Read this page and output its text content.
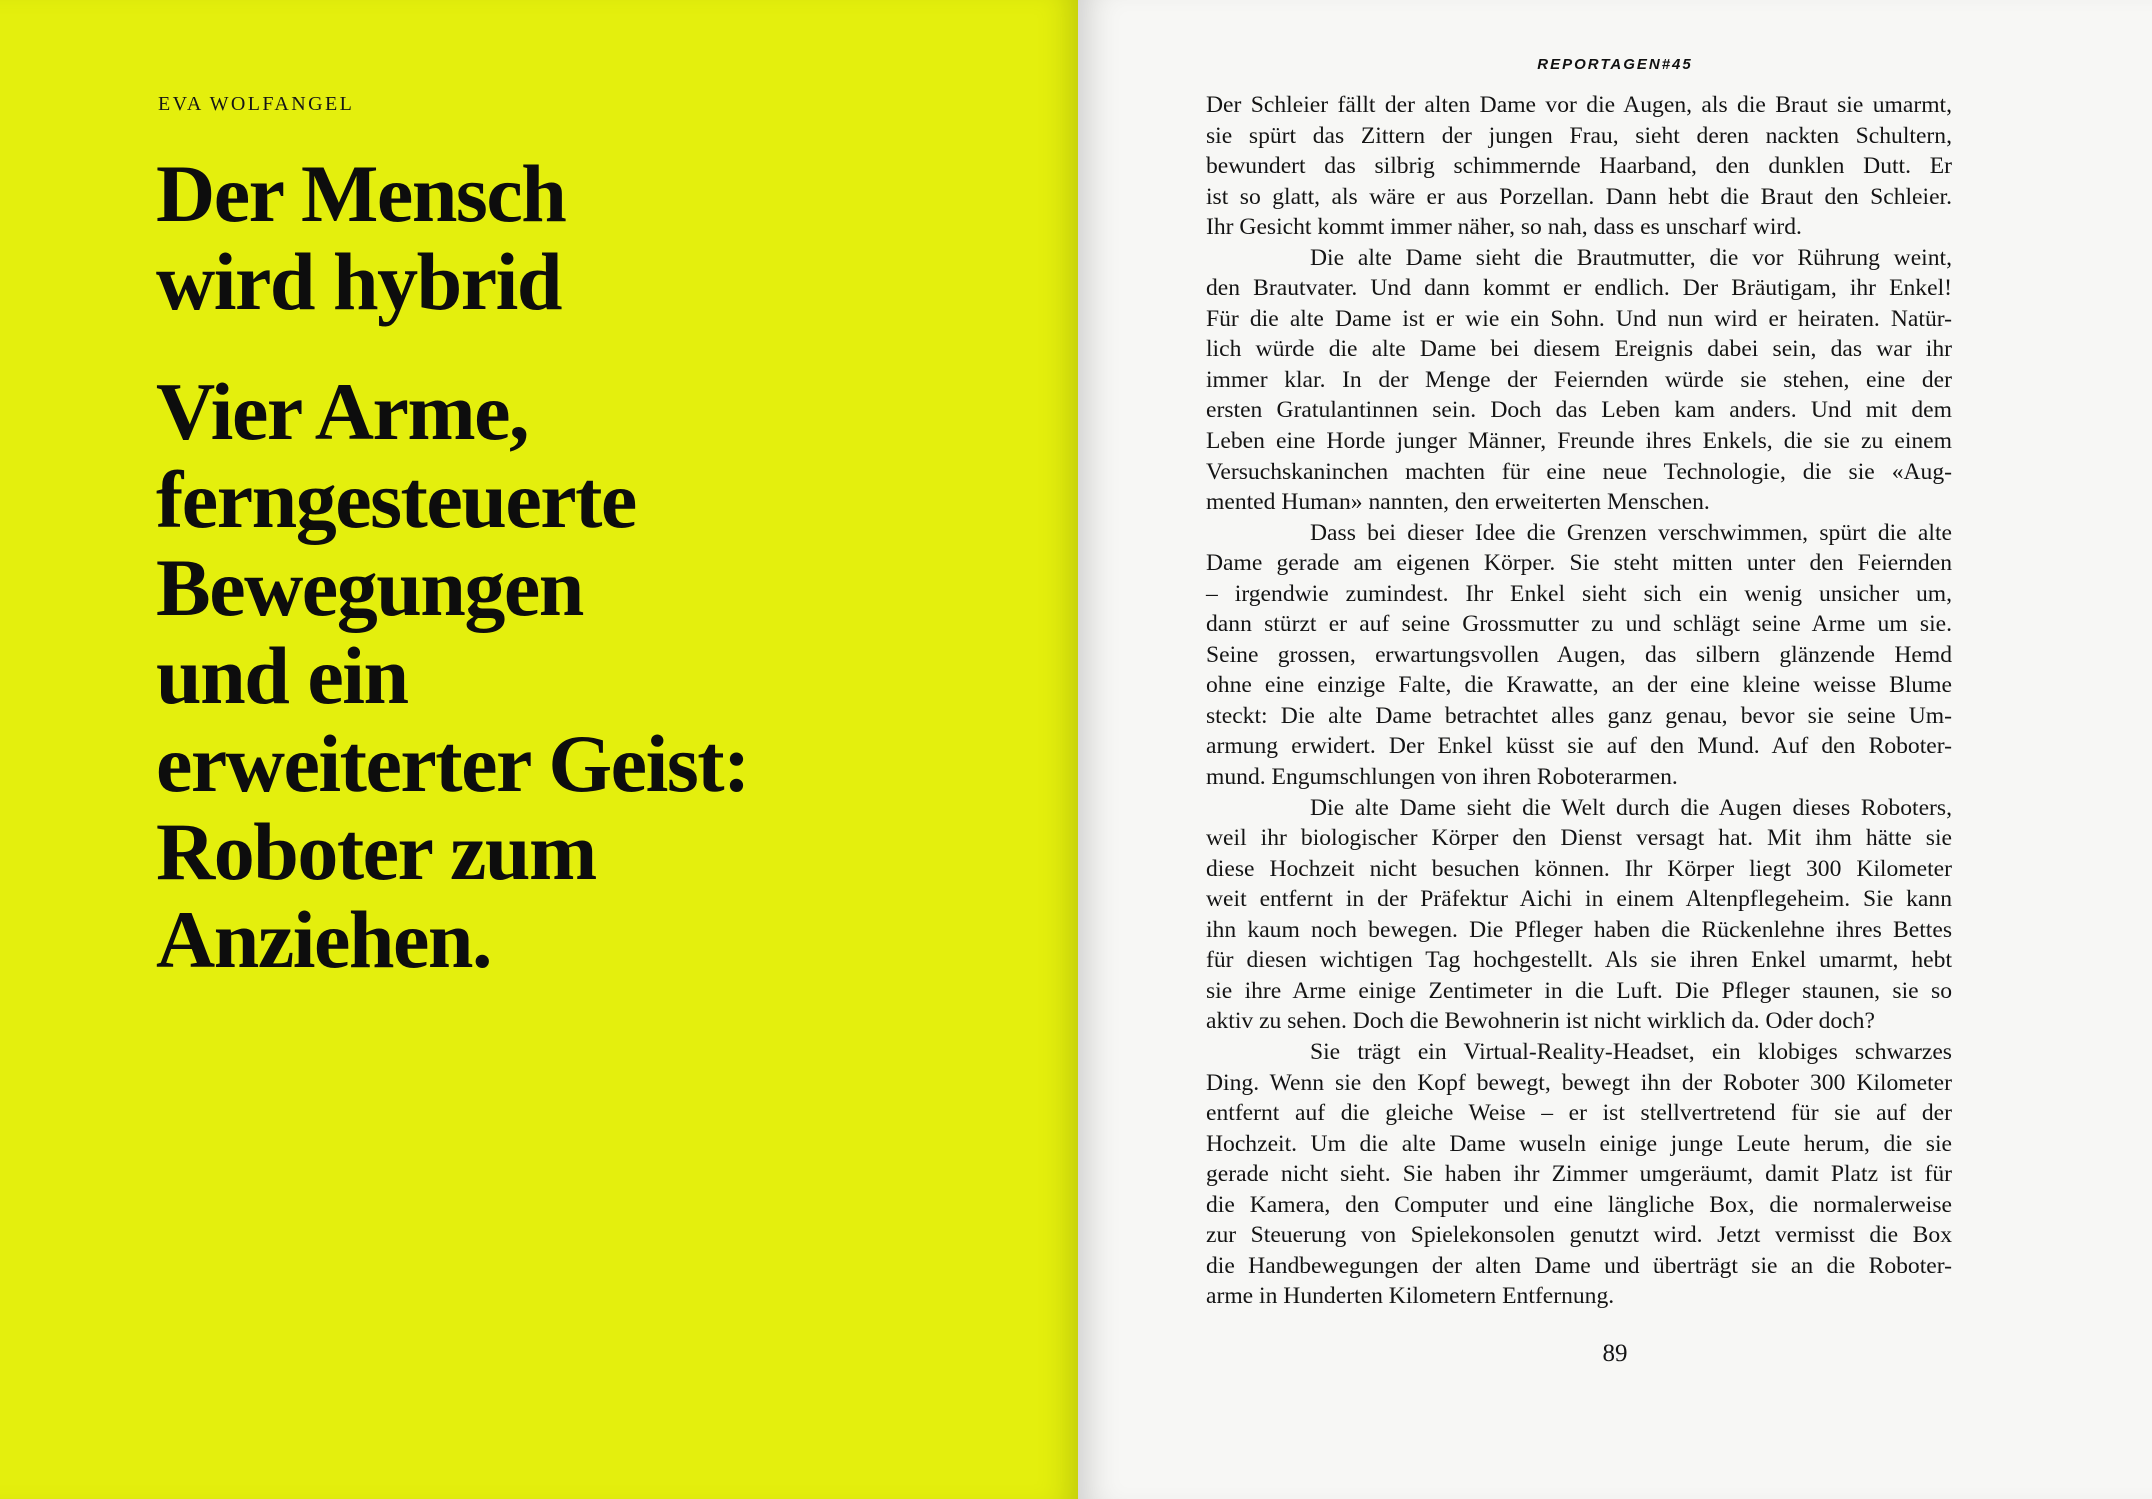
EVA WOLFANGEL

Der Mensch
wird hybrid
Vier Arme,
ferngesteuerte
Bewegungen
und ein
erweiterter Geist:
Roboter zum
Anziehen.
REPORTAGEN#45
Der Schleier fällt der alten Dame vor die Augen, als die Braut sie umarmt,
sie spürt das Zittern der jungen Frau, sieht deren nackten Schultern,
bewundert das silbrig schimmernde Haarband, den dunklen Dutt. Er
ist so glatt, als wäre er aus Porzellan. Dann hebt die Braut den Schleier.
Ihr Gesicht kommt immer näher, so nah, dass es unscharf wird.
Die alte Dame sieht die Brautmutter, die vor Rührung weint,
den Brautvater. Und dann kommt er endlich. Der Bräutigam, ihr Enkel!
Für die alte Dame ist er wie ein Sohn. Und nun wird er heiraten. Natür-
lich würde die alte Dame bei diesem Ereignis dabei sein, das war ihr
immer klar. In der Menge der Feiernden würde sie stehen, eine der
ersten Gratulantinnen sein. Doch das Leben kam anders. Und mit dem
Leben eine Horde junger Männer, Freunde ihres Enkels, die sie zu einem
Versuchskaninchen machten für eine neue Technologie, die sie «Aug-
mented Human» nannten, den erweiterten Menschen.
Dass bei dieser Idee die Grenzen verschwimmen, spürt die alte
Dame gerade am eigenen Körper. Sie steht mitten unter den Feiernden
– irgendwie zumindest. Ihr Enkel sieht sich ein wenig unsicher um,
dann stürzt er auf seine Grossmutter zu und schlägt seine Arme um sie.
Seine grossen, erwartungsvollen Augen, das silbern glänzende Hemd
ohne eine einzige Falte, die Krawatte, an der eine kleine weisse Blume
steckt: Die alte Dame betrachtet alles ganz genau, bevor sie seine Um-
armung erwidert. Der Enkel küsst sie auf den Mund. Auf den Roboter-
mund. Engumschlungen von ihren Roboterarmen.
Die alte Dame sieht die Welt durch die Augen dieses Roboters,
weil ihr biologischer Körper den Dienst versagt hat. Mit ihm hätte sie
diese Hochzeit nicht besuchen können. Ihr Körper liegt 300 Kilometer
weit entfernt in der Präfektur Aichi in einem Altenpflegeheim. Sie kann
ihn kaum noch bewegen. Die Pfleger haben die Rückenlehne ihres Bettes
für diesen wichtigen Tag hochgestellt. Als sie ihren Enkel umarmt, hebt
sie ihre Arme einige Zentimeter in die Luft. Die Pfleger staunen, sie so
aktiv zu sehen. Doch die Bewohnerin ist nicht wirklich da. Oder doch?
Sie trägt ein Virtual-Reality-Headset, ein klobiges schwarzes
Ding. Wenn sie den Kopf bewegt, bewegt ihn der Roboter 300 Kilometer
entfernt auf die gleiche Weise – er ist stellvertretend für sie auf der
Hochzeit. Um die alte Dame wuseln einige junge Leute herum, die sie
gerade nicht sieht. Sie haben ihr Zimmer umgeräumt, damit Platz ist für
die Kamera, den Computer und eine längliche Box, die normalerweise
zur Steuerung von Spielekonsolen genutzt wird. Jetzt vermisst die Box
die Handbewegungen der alten Dame und überträgt sie an die Roboter-
arme in Hunderten Kilometern Entfernung.
89
